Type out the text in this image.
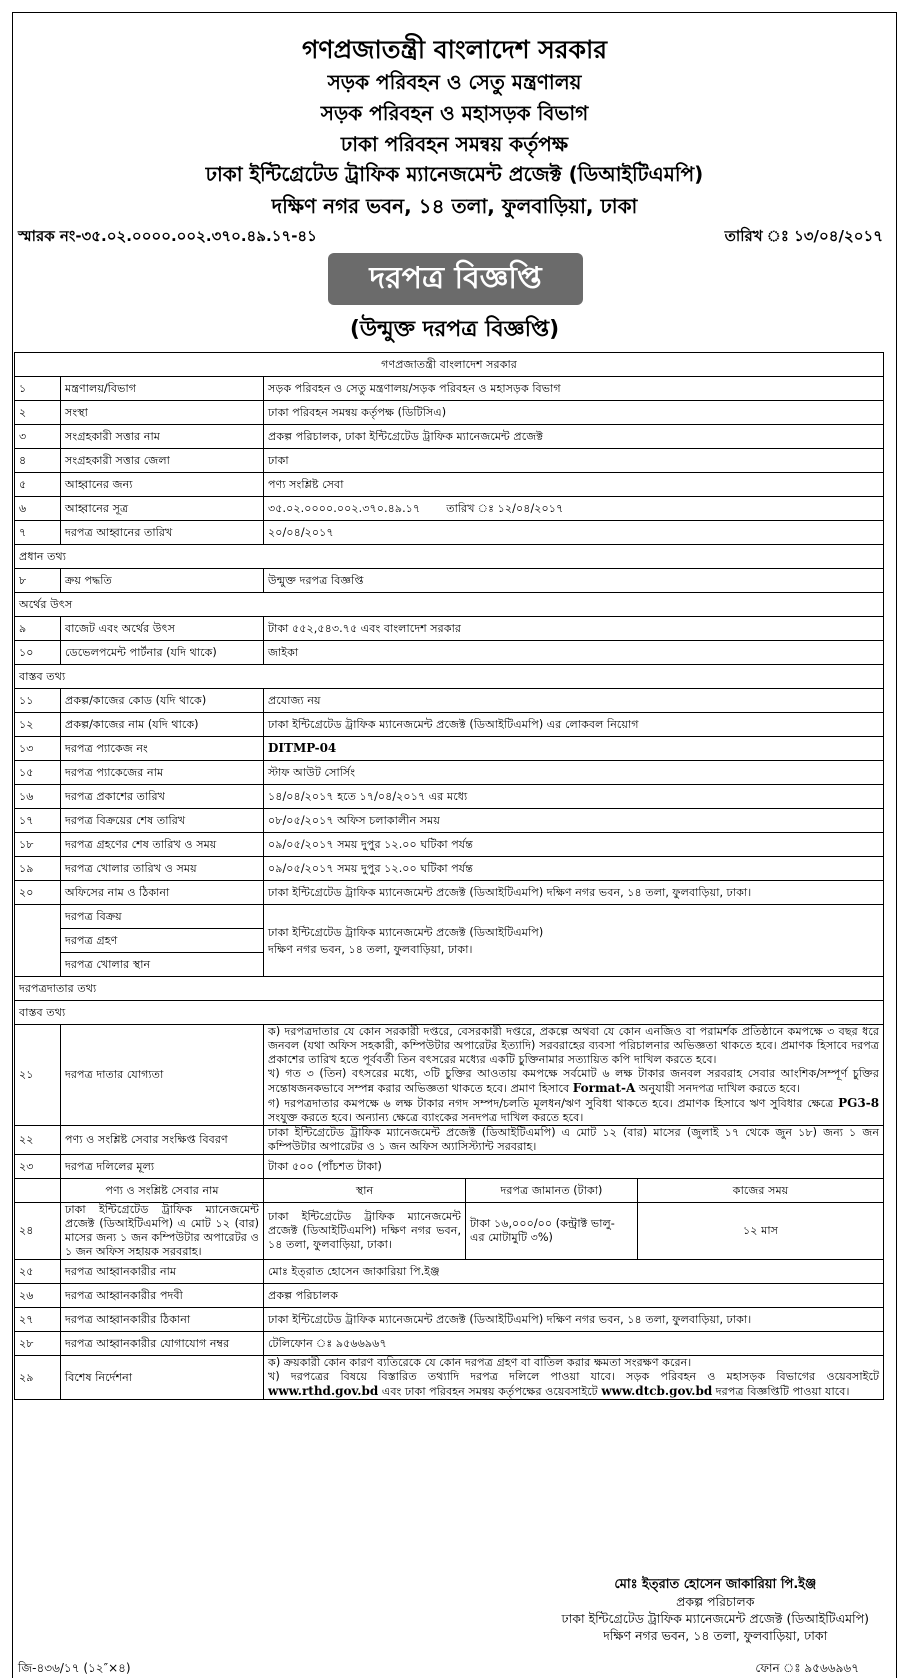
গণপ্রজাতন্ত্রী বাংলাদেশ সরকার
সড়ক পরিবহন ও সেতু মন্ত্রণালয়
সড়ক পরিবহন ও মহাসড়ক বিভাগ
ঢাকা পরিবহন সমন্বয় কর্তৃপক্ষ
ঢাকা ইন্টিগ্রেটেড ট্রাফিক ম্যানেজমেন্ট প্রজেক্ট (ডিআইটিএমপি)
দক্ষিণ নগর ভবন, ১৪ তলা, ফুলবাড়িয়া, ঢাকা
স্মারক নং-৩৫.০২.০০০০.০০২.৩৭০.৪৯.১৭-৪১	তারিখ ঃ ১৩/০৪/২০১৭
দরপত্র বিজ্ঞপ্তি
(উন্মুক্ত দরপত্র বিজ্ঞপ্তি)
গণপ্রজাতন্ত্রী বাংলাদেশ সরকার				
১	মন্ত্রণালয়/বিভাগ	সড়ক পরিবহন ও সেতু মন্ত্রণালয়/সড়ক পরিবহন ও মহাসড়ক বিভাগ		
২	সংস্থা	ঢাকা পরিবহন সমন্বয় কর্তৃপক্ষ (ডিটিসিএ)		
৩	সংগ্রহকারী সত্তার নাম	প্রকল্প পরিচালক, ঢাকা ইন্টিগ্রেটেড ট্রাফিক ম্যানেজমেন্ট প্রজেক্ট		
৪	সংগ্রহকারী সত্তার জেলা	ঢাকা		
৫	আহ্বানের জন্য	পণ্য সংশ্লিষ্ট সেবা		
৬	আহ্বানের সূত্র	৩৫.০২.০০০০.০০২.৩৭০.৪৯.১৭ তারিখ ঃ ১২/০৪/২০১৭		
৭	দরপত্র আহ্বানের তারিখ	২০/০৪/২০১৭		
প্রধান তথ্য				
৮	ক্রয় পদ্ধতি	উন্মুক্ত দরপত্র বিজ্ঞপ্তি		
অর্থের উৎস				
৯	বাজেট এবং অর্থের উৎস	টাকা ৫৫২,৫৪৩.৭৫ এবং বাংলাদেশ সরকার		
১০	ডেভেলপমেন্ট পার্টনার (যদি থাকে)	জাইকা		
বাস্তব তথ্য				
১১	প্রকল্প/কাজের কোড (যদি থাকে)	প্রযোজ্য নয়		
১২	প্রকল্প/কাজের নাম (যদি থাকে)	ঢাকা ইন্টিগ্রেটেড ট্রাফিক ম্যানেজমেন্ট প্রজেক্ট (ডিআইটিএমপি) এর লোকবল নিয়োগ		
১৩	দরপত্র প্যাকেজ নং	DITMP-04		
১৫	দরপত্র প্যাকেজের নাম	স্টাফ আউট সোর্সিং		
১৬	দরপত্র প্রকাশের তারিখ	১৪/০৪/২০১৭ হতে ১৭/০৪/২০১৭ এর মধ্যে		
১৭	দরপত্র বিক্রয়ের শেষ তারিখ	০৮/০৫/২০১৭ অফিস চলাকালীন সময়		
১৮	দরপত্র গ্রহণের শেষ তারিখ ও সময়	০৯/০৫/২০১৭ সময় দুপুর ১২.০০ ঘটিকা পর্যন্ত		
১৯	দরপত্র খোলার তারিখ ও সময়	০৯/০৫/২০১৭ সময় দুপুর ১২.০০ ঘটিকা পর্যন্ত		
২০	অফিসের নাম ও ঠিকানা	ঢাকা ইন্টিগ্রেটেড ট্রাফিক ম্যানেজমেন্ট প্রজেক্ট (ডিআইটিএমপি) দক্ষিণ নগর ভবন, ১৪ তলা, ফুলবাড়িয়া, ঢাকা।		
	দরপত্র বিক্রয়	ঢাকা ইন্টিগ্রেটেড ট্রাফিক ম্যানেজমেন্ট প্রজেক্ট (ডিআইটিএমপি)
দক্ষিণ নগর ভবন, ১৪ তলা, ফুলবাড়িয়া, ঢাকা।		
	দরপত্র গ্রহণ			
	দরপত্র খোলার স্থান			
দরপত্রদাতার তথ্য				
বাস্তব তথ্য				
২১	দরপত্র দাতার যোগ্যতা	ক) দরপত্রদাতার যে কোন সরকারী দপ্তরে, বেসরকারী দপ্তরে, প্রকল্পে অথবা যে কোন এনজিও বা পরামর্শক প্রতিষ্ঠানে কমপক্ষে ৩ বছর ধরে জনবল (যথা অফিস সহকারী, কম্পিউটার অপারেটর ইত্যাদি) সরবরাহের ব্যবসা পরিচালনার অভিজ্ঞতা থাকতে হবে। প্রমাণক হিসাবে দরপত্র প্রকাশের তারিখ হতে পূর্ববর্তী তিন বৎসরের মধ্যের একটি চুক্তিনামার সত্যায়িত কপি দাখিল করতে হবে।
খ) গত ৩ (তিন) বৎসরের মধ্যে, ৩টি চুক্তির আওতায় কমপক্ষে সর্বমোট ৬ লক্ষ টাকার জনবল সরবরাহ সেবার আংশিক/সম্পূর্ণ চুক্তির সন্তোষজনকভাবে সম্পন্ন করার অভিজ্ঞতা থাকতে হবে। প্রমাণ হিসাবে Format-A অনুযায়ী সনদপত্র দাখিল করতে হবে।
গ) দরপত্রদাতার কমপক্ষে ৬ লক্ষ টাকার নগদ সম্পদ/চলতি মূলধন/ঋণ সুবিধা থাকতে হবে। প্রমাণক হিসাবে ঋণ সুবিধার ক্ষেত্রে PG3-8 সংযুক্ত করতে হবে। অন্যান্য ক্ষেত্রে ব্যাংকের সনদপত্র দাখিল করতে হবে।		

২২	পণ্য ও সংশ্লিষ্ট সেবার সংক্ষিপ্ত বিবরণ	ঢাকা ইন্টিগ্রেটেড ট্রাফিক ম্যানেজমেন্ট প্রজেক্ট (ডিআইটিএমপি) এ মোট ১২ (বার) মাসের (জুলাই ১৭ থেকে জুন ১৮) জন্য ১ জন কম্পিউটার অপারেটর ও ১ জন অফিস অ্যাসিস্ট্যান্ট সরবরাহ।		
২৩	দরপত্র দলিলের মূল্য	টাকা ৫০০ (পাঁচশত টাকা)		
	পণ্য ও সংশ্লিষ্ট সেবার নাম	স্থান	দরপত্র জামানত (টাকা)	কাজের সময়
২৪	ঢাকা ইন্টিগ্রেটেড ট্রাফিক ম্যানেজমেন্ট প্রজেক্ট (ডিআইটিএমপি) এ মোট ১২ (বার) মাসের জন্য ১ জন কম্পিউটার অপারেটর ও ১ জন অফিস সহায়ক সরবরাহ।	ঢাকা ইন্টিগ্রেটেড ট্রাফিক ম্যানেজমেন্ট প্রজেক্ট (ডিআইটিএমপি) দক্ষিণ নগর ভবন, ১৪ তলা, ফুলবাড়িয়া, ঢাকা।	টাকা ১৬,০০০/০০ (কন্ট্রাক্ট ভালু- এর মোটামুটি ৩%)	১২ মাস
২৫	দরপত্র আহ্বানকারীর নাম	মোঃ ইত্‌রাত হোসেন জাকারিয়া পি.ইঞ্জ		
২৬	দরপত্র আহ্বানকারীর পদবী	প্রকল্প পরিচালক		
২৭	দরপত্র আহ্বানকারীর ঠিকানা	ঢাকা ইন্টিগ্রেটেড ট্রাফিক ম্যানেজমেন্ট প্রজেক্ট (ডিআইটিএমপি) দক্ষিণ নগর ভবন, ১৪ তলা, ফুলবাড়িয়া, ঢাকা।		
২৮	দরপত্র আহ্বানকারীর যোগাযোগ নম্বর	টেলিফোন ঃ ৯৫৬৬৯৬৭		
২৯	বিশেষ নির্দেশনা	ক) ক্রয়কারী কোন কারণ ব্যতিরেকে যে কোন দরপত্র গ্রহণ বা বাতিল করার ক্ষমতা সংরক্ষণ করেন।
খ) দরপত্রের বিষয়ে বিস্তারিত তথ্যাদি দরপত্র দলিলে পাওয়া যাবে। সড়ক পরিবহন ও মহাসড়ক বিভাগের ওয়েবসাইটে www.rthd.gov.bd এবং ঢাকা পরিবহন সমন্বয় কর্তৃপক্ষের ওয়েবসাইটে www.dtcb.gov.bd দরপত্র বিজ্ঞপ্তিটি পাওয়া যাবে।		
মোঃ ইত্‌রাত হোসেন জাকারিয়া পি.ইঞ্জ
প্রকল্প পরিচালক
ঢাকা ইন্টিগ্রেটেড ট্রাফিক ম্যানেজমেন্ট প্রজেক্ট (ডিআইটিএমপি)
দক্ষিণ নগর ভবন, ১৪ তলা, ফুলবাড়িয়া, ঢাকা
জি-৪৩৬/১৭ (১২″×৪)	ফোন ঃ ৯৫৬৬৯৬৭
